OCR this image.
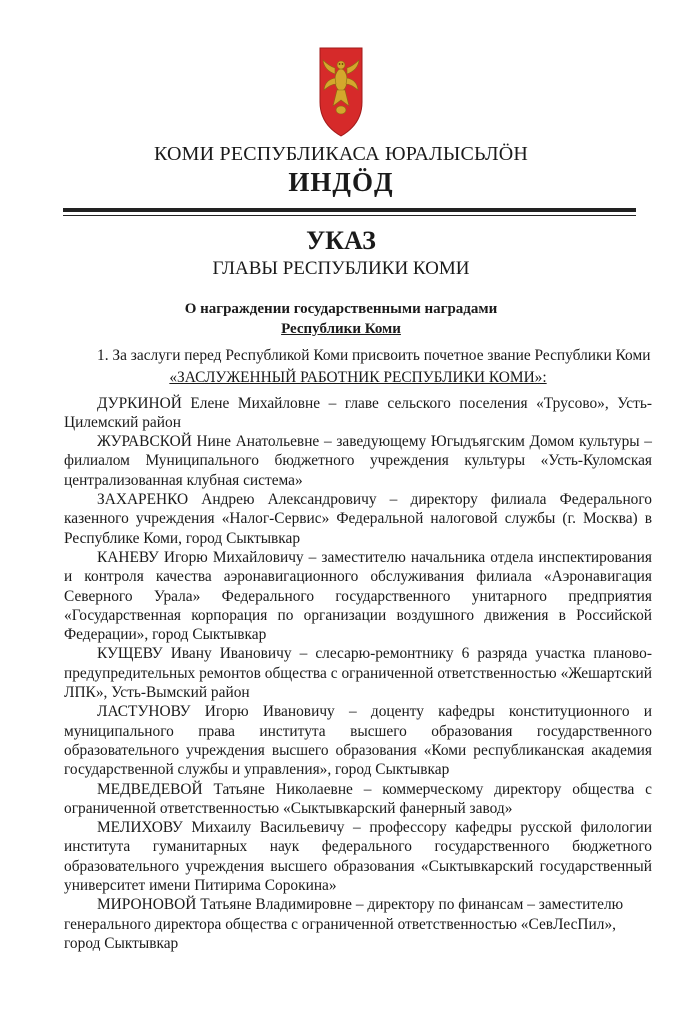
КОМИ РЕСПУБЛИКАСА ЮРАЛЫСЬЛÖН
ИНДÖД
УКАЗ
ГЛАВЫ РЕСПУБЛИКИ КОМИ
О награждении государственными наградами
Республики Коми

1. За заслуги перед Республикой Коми присвоить почетное звание Республики Коми

«ЗАСЛУЖЕННЫЙ РАБОТНИК РЕСПУБЛИКИ КОМИ»:

ДУРКИНОЙ Елене Михайловне – главе сельского поселения «Трусово», Усть-Цилемский район

ЖУРАВСКОЙ Нине Анатольевне – заведующему Югыдъягским Домом культуры – филиалом Муниципального бюджетного учреждения культуры «Усть-Куломская централизованная клубная система»

ЗАХАРЕНКО Андрею Александровичу – директору филиала Федерального казенного учреждения «Налог-Сервис» Федеральной налоговой службы (г. Москва) в Республике Коми, город Сыктывкар

КАНЕВУ Игорю Михайловичу – заместителю начальника отдела инспектирования и контроля качества аэронавигационного обслуживания филиала «Аэронавигация Северного Урала» Федерального государственного унитарного предприятия «Государственная корпорация по организации воздушного движения в Российской Федерации», город Сыктывкар

КУЩЕВУ Ивану Ивановичу – слесарю-ремонтнику 6 разряда участка планово-предупредительных ремонтов общества с ограниченной ответственностью «Жешартский ЛПК», Усть-Вымский район

ЛАСТУНОВУ Игорю Ивановичу – доценту кафедры конституционного и муниципального права института высшего образования государственного образовательного учреждения высшего образования «Коми республиканская академия государственной службы и управления», город Сыктывкар

МЕДВЕДЕВОЙ Татьяне Николаевне – коммерческому директору общества с ограниченной ответственностью «Сыктывкарский фанерный завод»

МЕЛИХОВУ Михаилу Васильевичу – профессору кафедры русской филологии института гуманитарных наук федерального государственного бюджетного образовательного учреждения высшего образования «Сыктывкарский государственный университет имени Питирима Сорокина»

МИРОНОВОЙ Татьяне Владимировне – директору по финансам – заместителю генерального директора общества с ограниченной ответственностью «СевЛесПил», город Сыктывкар
